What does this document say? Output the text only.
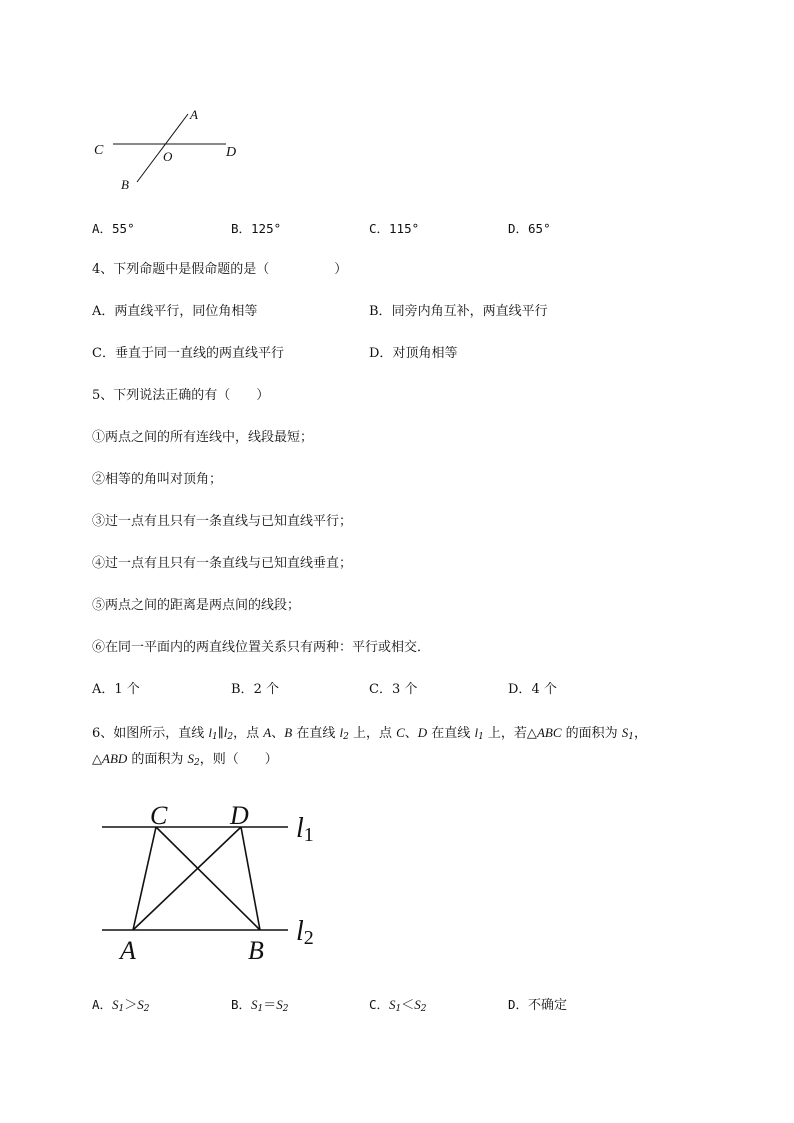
A
C	O	D
B
A．55°	B．125°	C．115°	D．65°
4、下列命题中是假命题的是（　　　　　）
A．两直线平行，同位角相等	B．同旁内角互补，两直线平行
C．垂直于同一直线的两直线平行	D．对顶角相等
5、下列说法正确的有（　　）
①两点之间的所有连线中，线段最短；
②相等的角叫对顶角；
③过一点有且只有一条直线与已知直线平行；
④过一点有且只有一条直线与已知直线垂直；
⑤两点之间的距离是两点间的线段；
⑥在同一平面内的两直线位置关系只有两种：平行或相交．
A．1 个	B．2 个	C．3 个	D．4 个
6、如图所示，直线 $l_1\parallel l_2$，点 A、B 在直线 $l_2$ 上，点 C、D 在直线 $l_1$ 上，若△ABC 的面积为 $S_1$，
△ABD 的面积为 $S_2$，则（　　）
C D l1
l2
A	B
A．$S_1>S_2$	B．$S_1=S_2$	C．$S_1<S_2$	D．不确定
